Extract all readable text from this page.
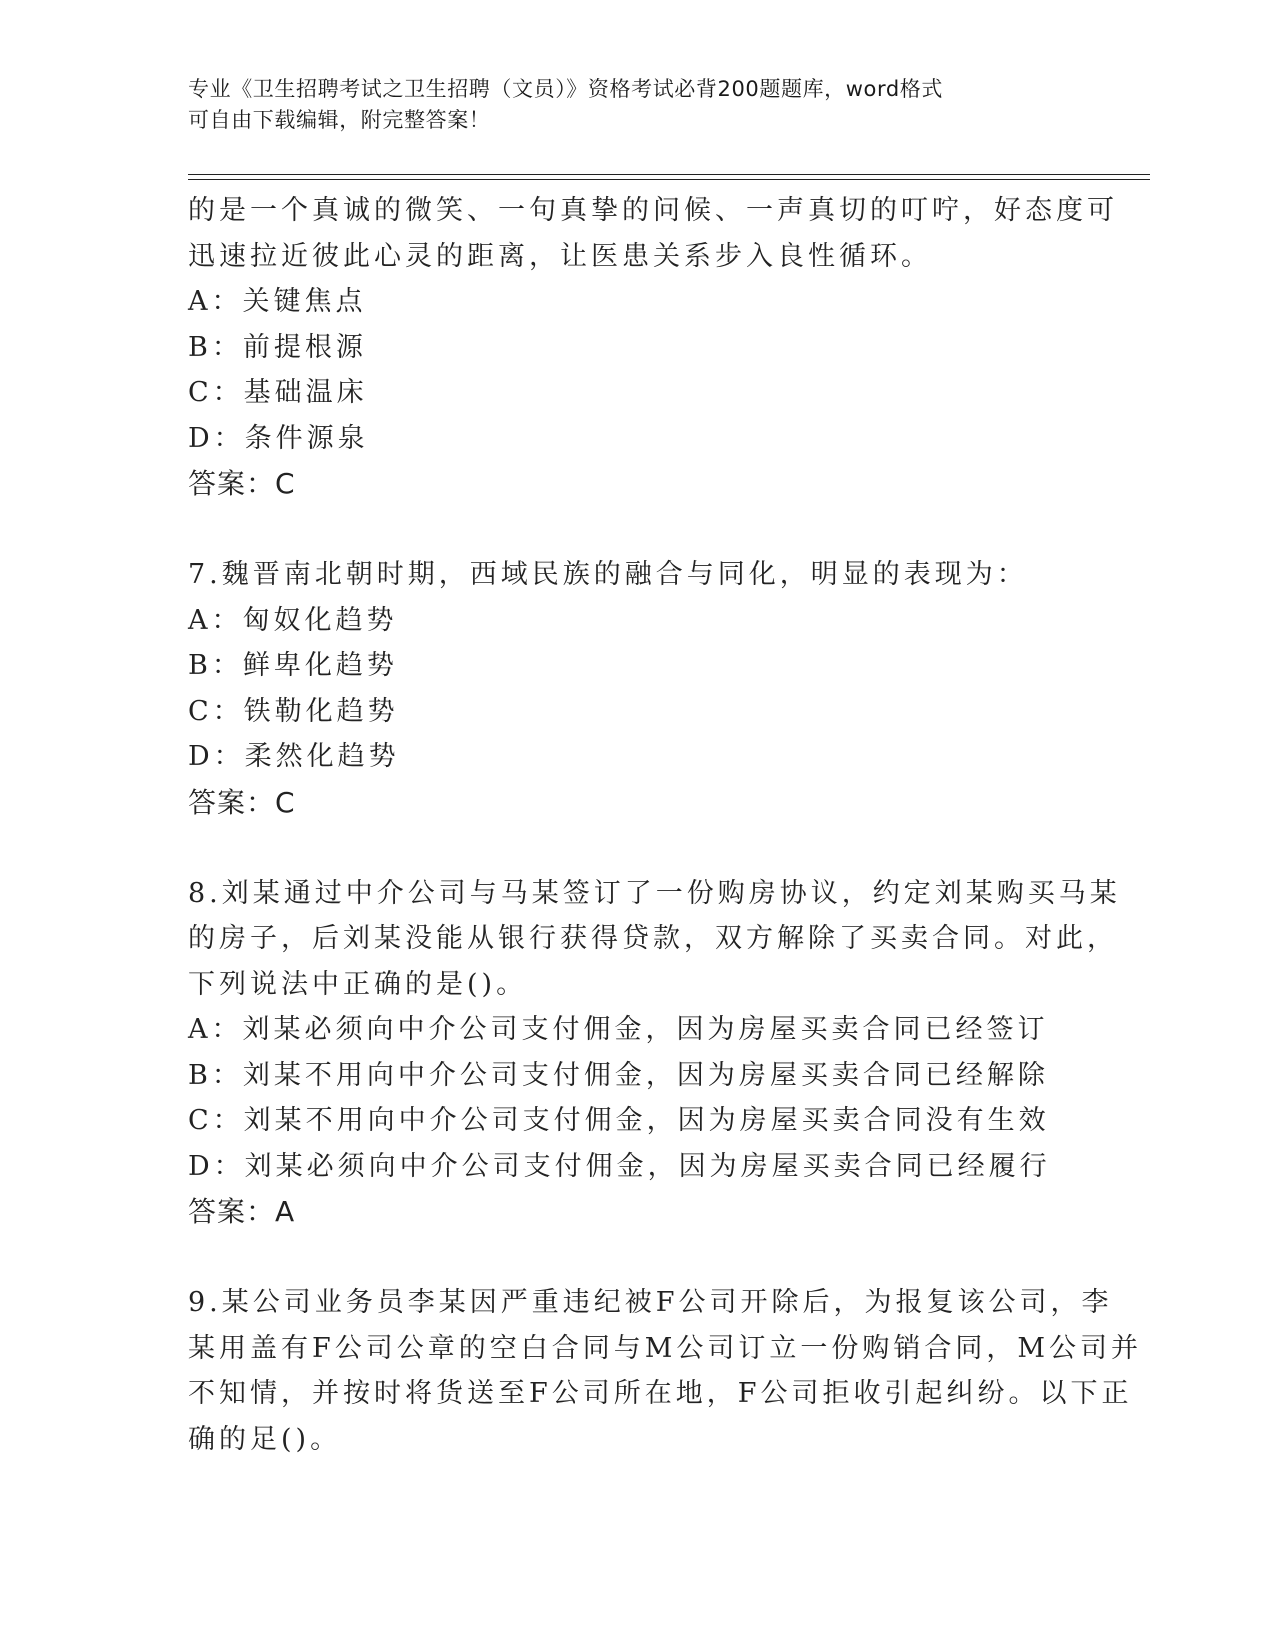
专业《卫生招聘考试之卫生招聘（文员）》资格考试必背200题题库，word格式
可自由下载编辑，附完整答案！
的是一个真诚的微笑、一句真挚的问候、一声真切的叮咛，好态度可
迅速拉近彼此心灵的距离，让医患关系步入良性循环。
A：关键焦点
B：前提根源
C：基础温床
D：条件源泉
答案：C
7.魏晋南北朝时期，西域民族的融合与同化，明显的表现为：
A：匈奴化趋势
B：鲜卑化趋势
C：铁勒化趋势
D：柔然化趋势
答案：C
8.刘某通过中介公司与马某签订了一份购房协议，约定刘某购买马某
的房子，后刘某没能从银行获得贷款，双方解除了买卖合同。对此，
下列说法中正确的是()。
A：刘某必须向中介公司支付佣金，因为房屋买卖合同已经签订
B：刘某不用向中介公司支付佣金，因为房屋买卖合同已经解除
C：刘某不用向中介公司支付佣金，因为房屋买卖合同没有生效
D：刘某必须向中介公司支付佣金，因为房屋买卖合同已经履行
答案：A
9.某公司业务员李某因严重违纪被F公司开除后，为报复该公司，李
某用盖有F公司公章的空白合同与M公司订立一份购销合同，M公司并
不知情，并按时将货送至F公司所在地，F公司拒收引起纠纷。以下正
确的足()。
